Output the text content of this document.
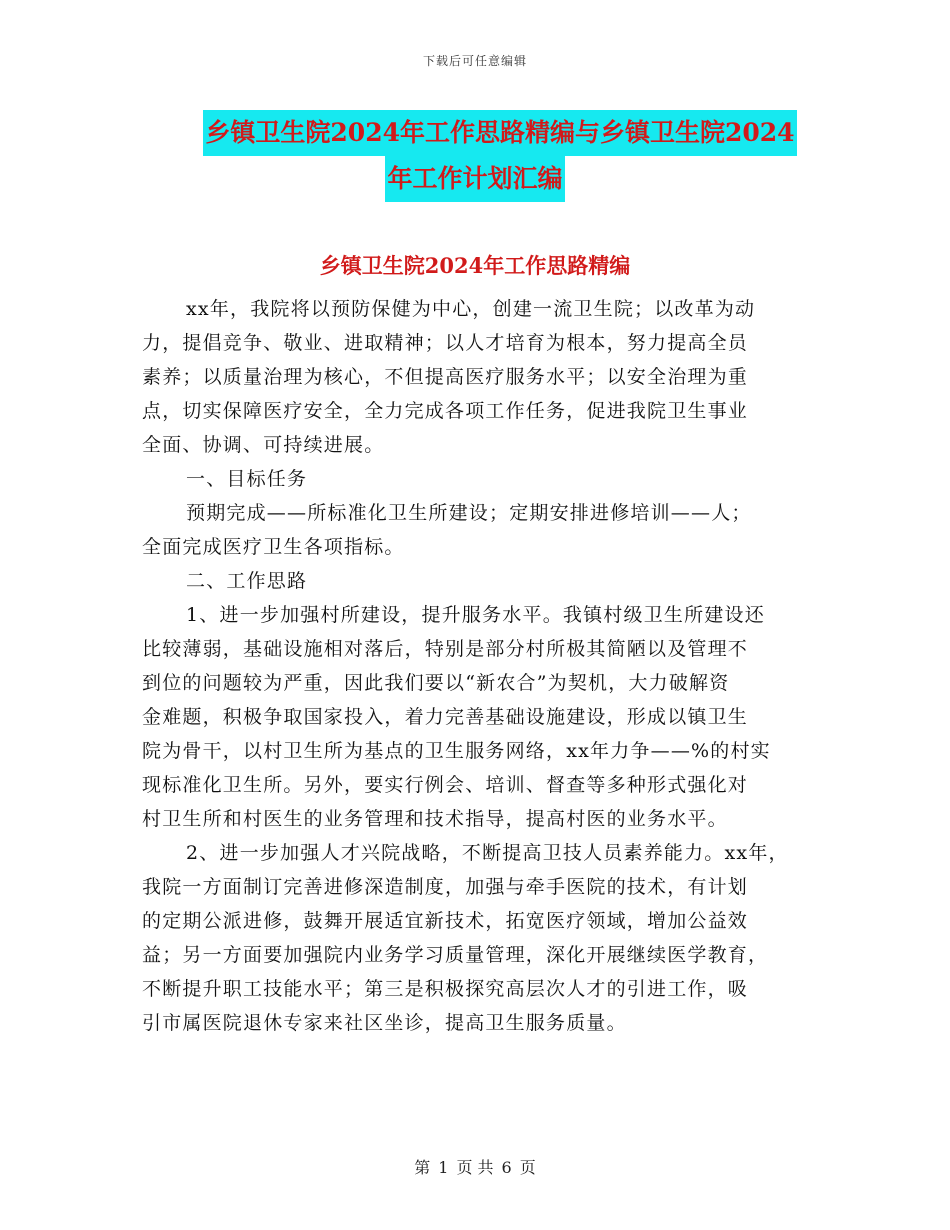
下载后可任意编辑
乡镇卫生院2024年工作思路精编与乡镇卫生院2024
年工作计划汇编
乡镇卫生院2024年工作思路精编
xx年，我院将以预防保健为中心，创建一流卫生院；以改革为动
力，提倡竞争、敬业、进取精神；以人才培育为根本，努力提高全员
素养；以质量治理为核心，不但提高医疗服务水平；以安全治理为重
点，切实保障医疗安全，全力完成各项工作任务，促进我院卫生事业
全面、协调、可持续进展。
一、目标任务
预期完成——所标准化卫生所建设；定期安排进修培训——人；
全面完成医疗卫生各项指标。
二、工作思路
1、进一步加强村所建设，提升服务水平。我镇村级卫生所建设还
比较薄弱，基础设施相对落后，特别是部分村所极其简陋以及管理不
到位的问题较为严重，因此我们要以“新农合”为契机，大力破解资
金难题，积极争取国家投入，着力完善基础设施建设，形成以镇卫生
院为骨干，以村卫生所为基点的卫生服务网络，xx年力争——%的村实
现标准化卫生所。另外，要实行例会、培训、督查等多种形式强化对
村卫生所和村医生的业务管理和技术指导，提高村医的业务水平。
2、进一步加强人才兴院战略，不断提高卫技人员素养能力。xx年，
我院一方面制订完善进修深造制度，加强与牵手医院的技术，有计划
的定期公派进修，鼓舞开展适宜新技术，拓宽医疗领域，增加公益效
益；另一方面要加强院内业务学习质量管理，深化开展继续医学教育，
不断提升职工技能水平；第三是积极探究高层次人才的引进工作，吸
引市属医院退休专家来社区坐诊，提高卫生服务质量。
第 1 页 共 6 页
